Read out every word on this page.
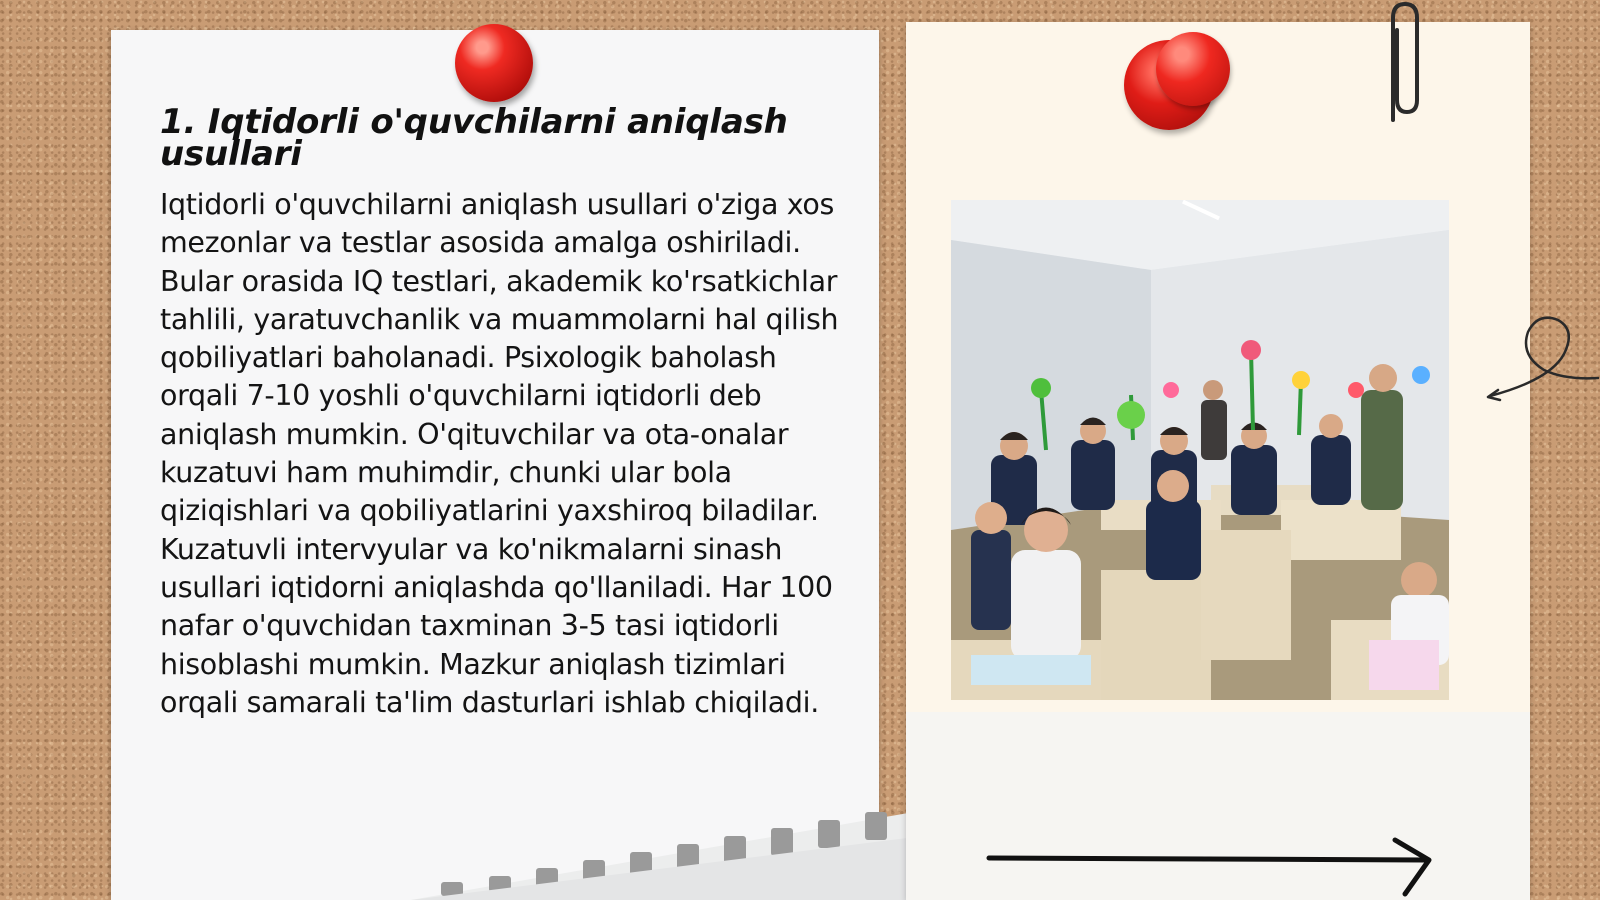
1. Iqtidorli o'quvchilarni aniqlash usullari

Iqtidorli o'quvchilarni aniqlash usullari o'ziga xos mezonlar va testlar asosida amalga oshiriladi. Bular orasida IQ testlari, akademik ko'rsatkichlar tahlili, yaratuvchanlik va muammolarni hal qilish qobiliyatlari baholanadi. Psixologik baholash orqali 7-10 yoshli o'quvchilarni iqtidorli deb aniqlash mumkin. O'qituvchilar va ota-onalar kuzatuvi ham muhimdir, chunki ular bola qiziqishlari va qobiliyatlarini yaxshiroq biladilar. Kuzatuvli intervyular va ko'nikmalarni sinash usullari iqtidorni aniqlashda qo'llaniladi. Har 100 nafar o'quvchidan taxminan 3-5 tasi iqtidorli hisoblashi mumkin. Mazkur aniqlash tizimlari orqali samarali ta'lim dasturlari ishlab chiqiladi.
